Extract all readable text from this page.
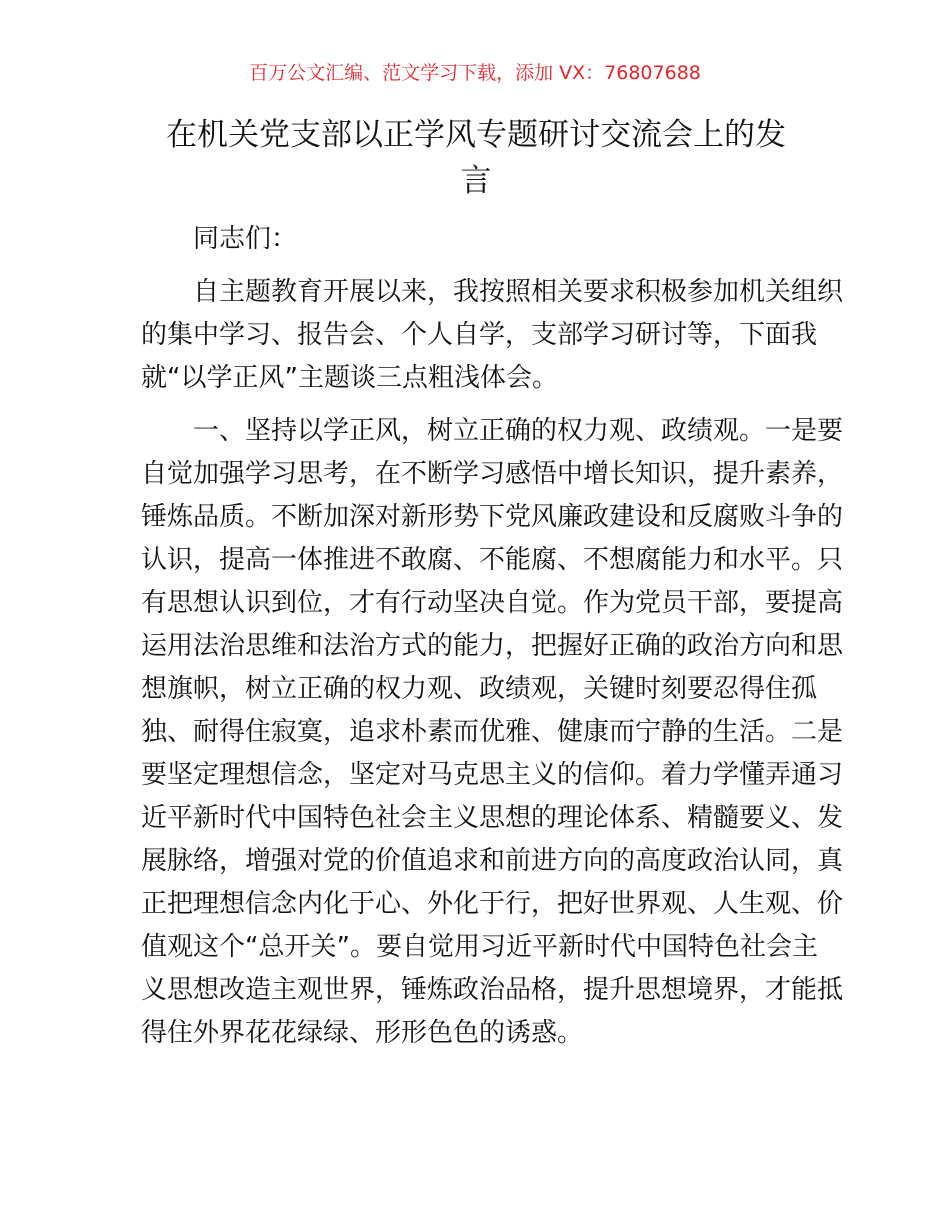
百万公文汇编、范文学习下载，添加 VX：76807688
在机关党支部以正学风专题研讨交流会上的发
言
同志们：
自主题教育开展以来，我按照相关要求积极参加机关组织
的集中学习、报告会、个人自学，支部学习研讨等，下面我
就“以学正风”主题谈三点粗浅体会。
一、坚持以学正风，树立正确的权力观、政绩观。一是要
自觉加强学习思考，在不断学习感悟中增长知识，提升素养，
锤炼品质。不断加深对新形势下党风廉政建设和反腐败斗争的
认识，提高一体推进不敢腐、不能腐、不想腐能力和水平。只
有思想认识到位，才有行动坚决自觉。作为党员干部，要提高
运用法治思维和法治方式的能力，把握好正确的政治方向和思
想旗帜，树立正确的权力观、政绩观，关键时刻要忍得住孤
独、耐得住寂寞，追求朴素而优雅、健康而宁静的生活。二是
要坚定理想信念，坚定对马克思主义的信仰。着力学懂弄通习
近平新时代中国特色社会主义思想的理论体系、精髓要义、发
展脉络，增强对党的价值追求和前进方向的高度政治认同，真
正把理想信念内化于心、外化于行，把好世界观、人生观、价
值观这个“总开关”。要自觉用习近平新时代中国特色社会主
义思想改造主观世界，锤炼政治品格，提升思想境界，才能抵
得住外界花花绿绿、形形色色的诱惑。
